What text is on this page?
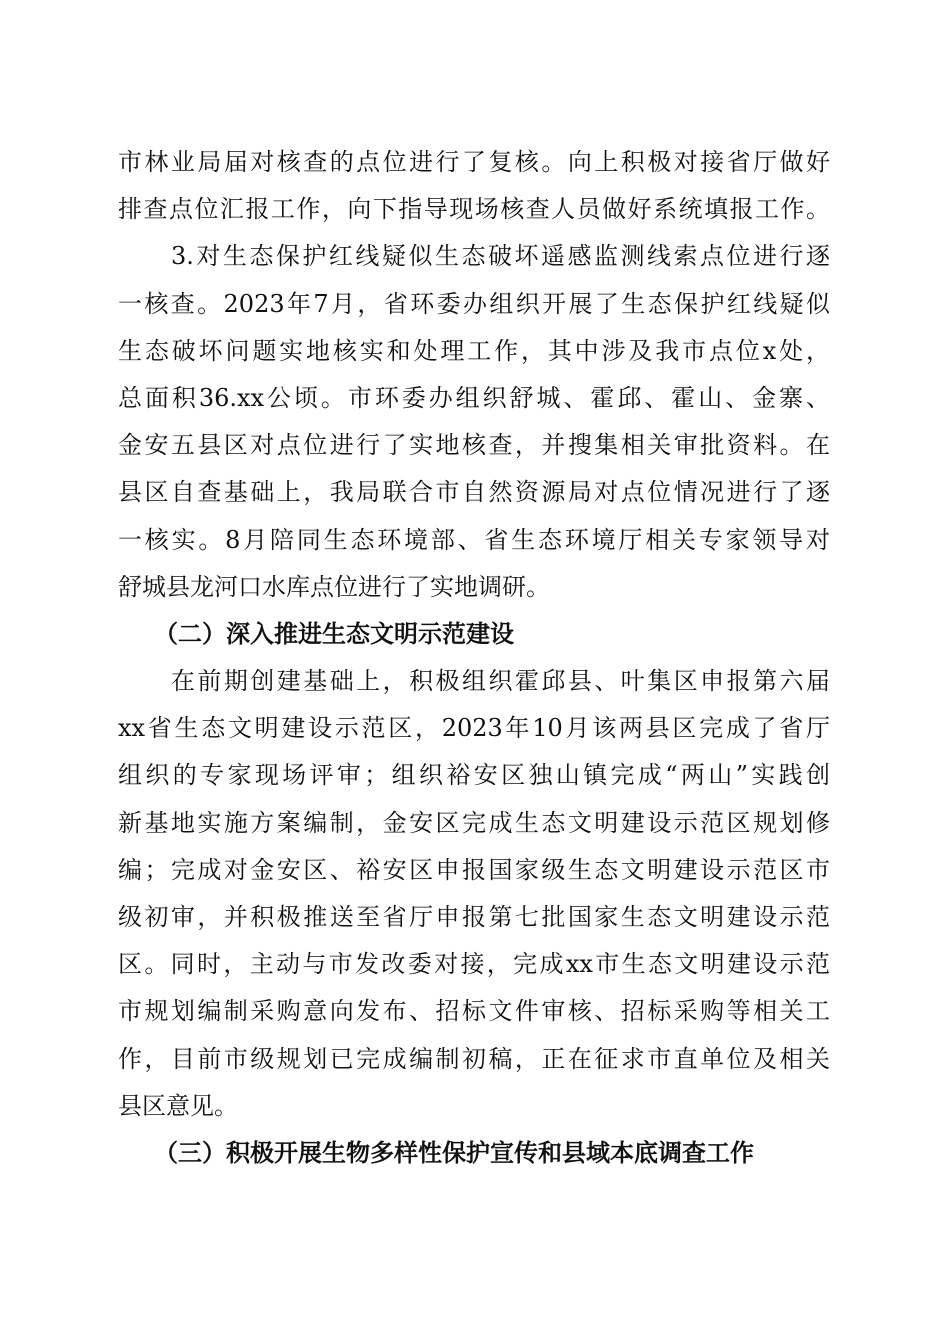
市林业局届对核查的点位进行了复核。向上积极对接省厅做好
排查点位汇报工作，向下指导现场核查人员做好系统填报工作。
　　3.对生态保护红线疑似生态破坏遥感监测线索点位进行逐
一核查。2023年7月，省环委办组织开展了生态保护红线疑似
生态破坏问题实地核实和处理工作，其中涉及我市点位x处，
总面积36.xx公顷。市环委办组织舒城、霍邱、霍山、金寨、
金安五县区对点位进行了实地核查，并搜集相关审批资料。在
县区自查基础上，我局联合市自然资源局对点位情况进行了逐
一核实。8月陪同生态环境部、省生态环境厅相关专家领导对
舒城县龙河口水库点位进行了实地调研。
　　（二）深入推进生态文明示范建设
　　在前期创建基础上，积极组织霍邱县、叶集区申报第六届
xx省生态文明建设示范区，2023年10月该两县区完成了省厅
组织的专家现场评审；组织裕安区独山镇完成“两山”实践创
新基地实施方案编制，金安区完成生态文明建设示范区规划修
编；完成对金安区、裕安区申报国家级生态文明建设示范区市
级初审，并积极推送至省厅申报第七批国家生态文明建设示范
区。同时，主动与市发改委对接，完成xx市生态文明建设示范
市规划编制采购意向发布、招标文件审核、招标采购等相关工
作，目前市级规划已完成编制初稿，正在征求市直单位及相关
县区意见。
　　（三）积极开展生物多样性保护宣传和县域本底调查工作
